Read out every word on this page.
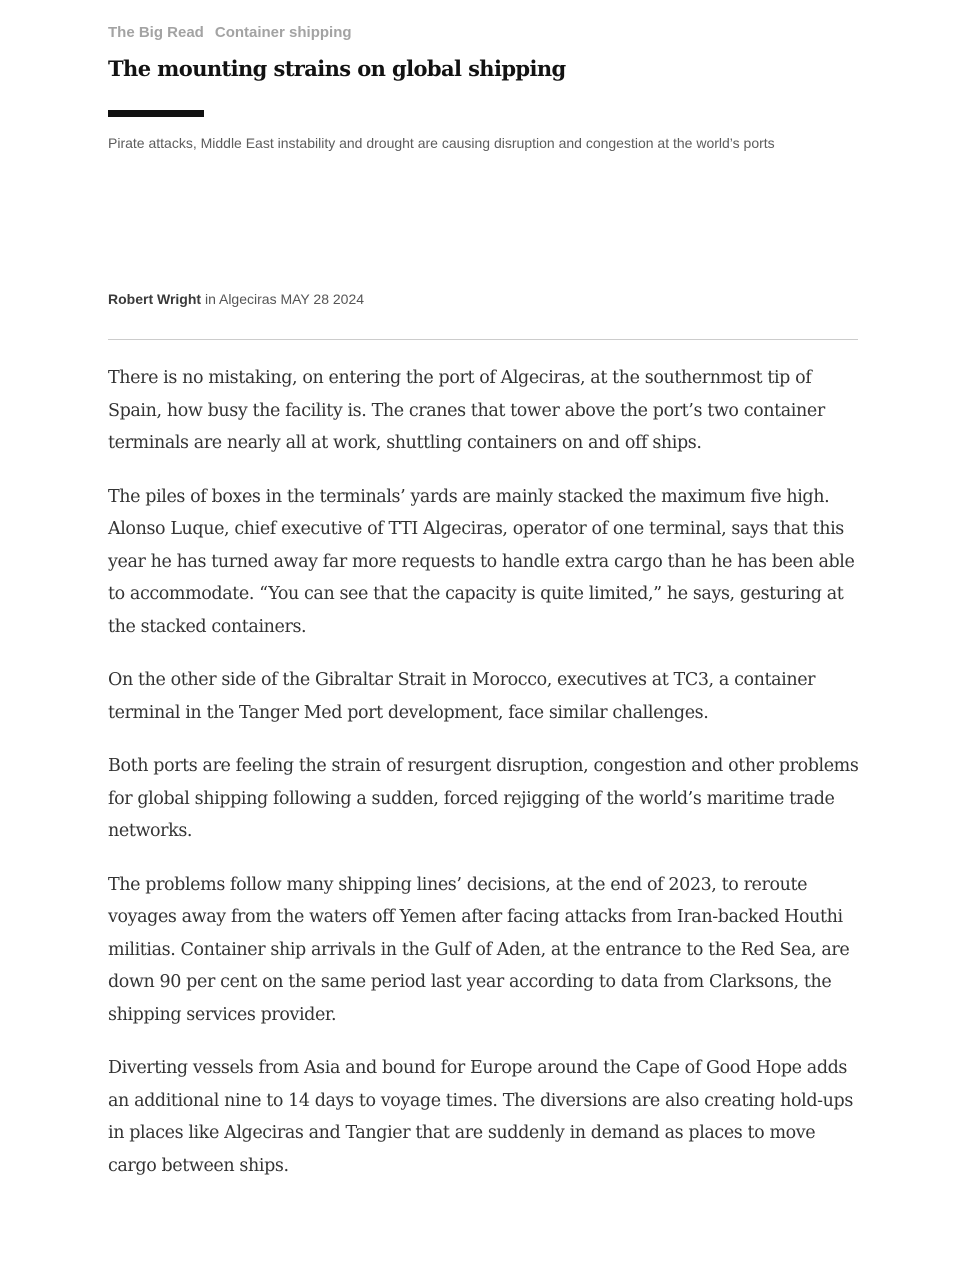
The Big Read Container shipping
The mounting strains on global shipping

Pirate attacks, Middle East instability and drought are causing disruption and congestion at the world’s ports

Robert Wright in Algeciras MAY 28 2024

There is no mistaking, on entering the port of Algeciras, at the southernmost tip of Spain, how busy the facility is. The cranes that tower above the port’s two container terminals are nearly all at work, shuttling containers on and off ships.

The piles of boxes in the terminals’ yards are mainly stacked the maximum five high. Alonso Luque, chief executive of TTI Algeciras, operator of one terminal, says that this year he has turned away far more requests to handle extra cargo than he has been able to accommodate. “You can see that the capacity is quite limited,” he says, gesturing at the stacked containers.

On the other side of the Gibraltar Strait in Morocco, executives at TC3, a container terminal in the Tanger Med port development, face similar challenges.

Both ports are feeling the strain of resurgent disruption, congestion and other problems for global shipping following a sudden, forced rejigging of the world’s maritime trade networks.

The problems follow many shipping lines’ decisions, at the end of 2023, to reroute voyages away from the waters off Yemen after facing attacks from Iran-backed Houthi militias. Container ship arrivals in the Gulf of Aden, at the entrance to the Red Sea, are down 90 per cent on the same period last year according to data from Clarksons, the shipping services provider.

Diverting vessels from Asia and bound for Europe around the Cape of Good Hope adds an additional nine to 14 days to voyage times. The diversions are also creating hold-ups in places like Algeciras and Tangier that are suddenly in demand as places to move cargo between ships.
